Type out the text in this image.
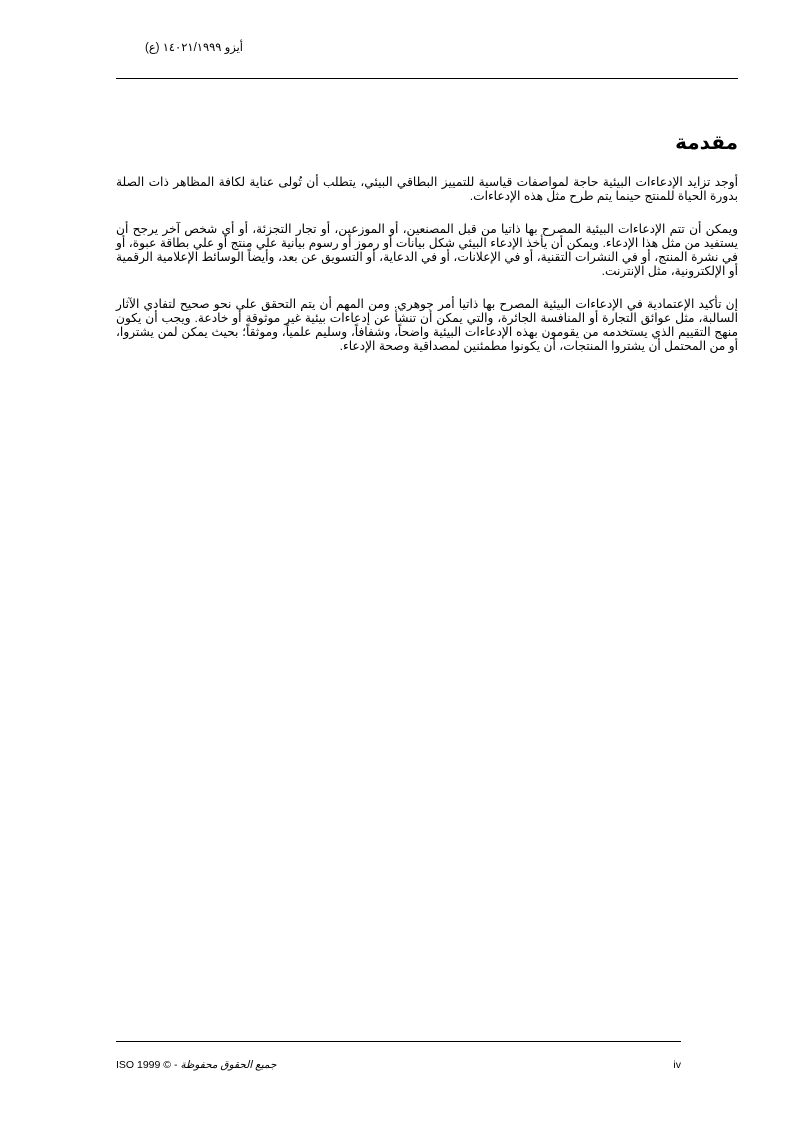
أيزو ١٤٠٢١/١٩٩٩ (ع)
مقدمة

أوجد تزايد الإدعاءات البيئية حاجة لمواصفات قياسية للتمييز البطاقي البيئي، يتطلب أن تُولى عناية لكافة المظاهر ذات الصلة بدورة الحياة للمنتج حينما يتم طرح مثل هذه الإدعاءات.

ويمكن أن تتم الإدعاءات البيئية المصرح بها ذاتيا من قبل المصنعين، أو الموزعين، أو تجار التجزئة، أو أي شخص آخر يرجح أن يستفيد من مثل هذا الإدعاء. ويمكن أن يأخذ الإدعاء البيئي شكل بيانات أو رموز أو رسوم بيانية علي منتج أو علي بطاقة عبوة، أو في نشرة المنتج، أو في النشرات التقنية، أو في الإعلانات، أو في الدعاية، أو التسويق عن بعد، وأيضاً الوسائط الإعلامية الرقمية أو الإلكترونية، مثل الإنترنت.

إن تأكيد الإعتمادية في الإدعاءات البيئية المصرح بها ذاتيا أمر جوهري. ومن المهم أن يتم التحقق على نحو صحيح لتفادي الآثار السالبة، مثل عوائق التجارة أو المنافسة الجائرة، والتي يمكن أن تنشأ عن إدعاءات بيئية غير موثوقة أو خادعة. ويجب أن يكون منهج التقييم الذي يستخدمه من يقومون بهذه الإدعاءات البيئية واضحاً، وشفافاً، وسليم علمياً، وموثقاً؛ بحيث يمكن لمن يشتروا، أو من المحتمل أن يشتروا المنتجات، أن يكونوا مطمئنين لمصداقية وصحة الإدعاء.

جميع الحقوق محفوظة - © ISO 1999	iv
